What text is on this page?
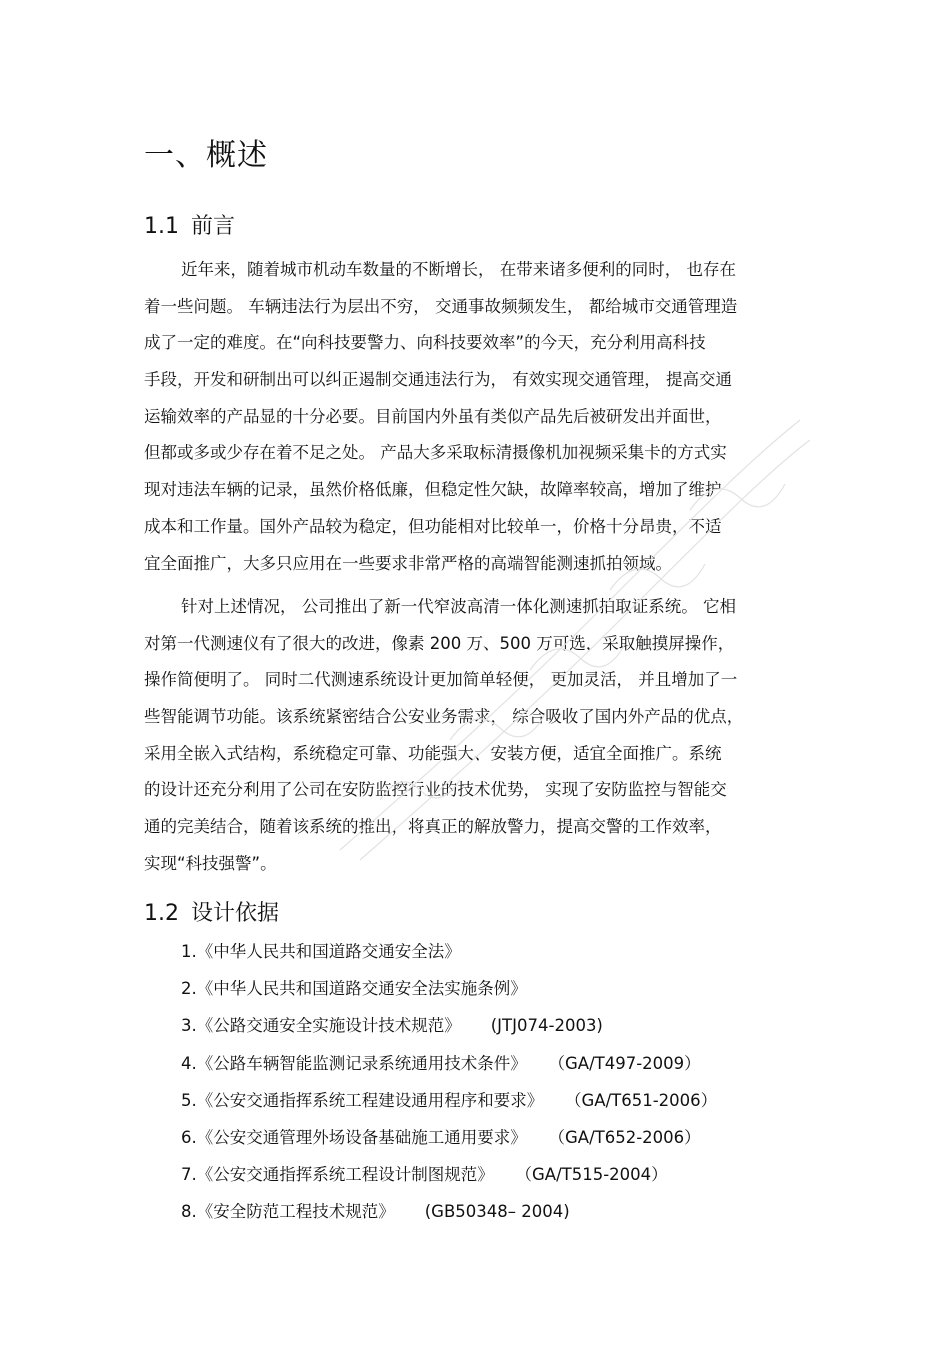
一、概述
1.1 前言
近年来，随着城市机动车数量的不断增长， 在带来诸多便利的同时， 也存在
着一些问题。 车辆违法行为层出不穷， 交通事故频频发生， 都给城市交通管理造
成了一定的难度。在“向科技要警力、向科技要效率”的今天，充分利用高科技
手段，开发和研制出可以纠正遏制交通违法行为， 有效实现交通管理， 提高交通
运输效率的产品显的十分必要。目前国内外虽有类似产品先后被研发出并面世，
但都或多或少存在着不足之处。 产品大多采取标清摄像机加视频采集卡的方式实
现对违法车辆的记录，虽然价格低廉，但稳定性欠缺，故障率较高，增加了维护
成本和工作量。国外产品较为稳定，但功能相对比较单一，价格十分昂贵，不适
宜全面推广，大多只应用在一些要求非常严格的高端智能测速抓拍领域。
针对上述情况， 公司推出了新一代窄波高清一体化测速抓拍取证系统。 它相
对第一代测速仪有了很大的改进，像素 200 万、500 万可选，采取触摸屏操作，
操作简便明了。 同时二代测速系统设计更加简单轻便， 更加灵活， 并且增加了一
些智能调节功能。该系统紧密结合公安业务需求， 综合吸收了国内外产品的优点，
采用全嵌入式结构，系统稳定可靠、功能强大、安装方便，适宜全面推广。系统
的设计还充分利用了公司在安防监控行业的技术优势， 实现了安防监控与智能交
通的完美结合，随着该系统的推出，将真正的解放警力，提高交警的工作效率，
实现“科技强警”。
1.2 设计依据
1.《中华人民共和国道路交通安全法》
2.《中华人民共和国道路交通安全法实施条例》
3.《公路交通安全实施设计技术规范》 (JTJ074-2003)
4.《公路车辆智能监测记录系统通用技术条件》 （GA/T497-2009）
5.《公安交通指挥系统工程建设通用程序和要求》 （GA/T651-2006）
6.《公安交通管理外场设备基础施工通用要求》 （GA/T652-2006）
7.《公安交通指挥系统工程设计制图规范》 （GA/T515-2004）
8.《安全防范工程技术规范》 (GB50348– 2004)
